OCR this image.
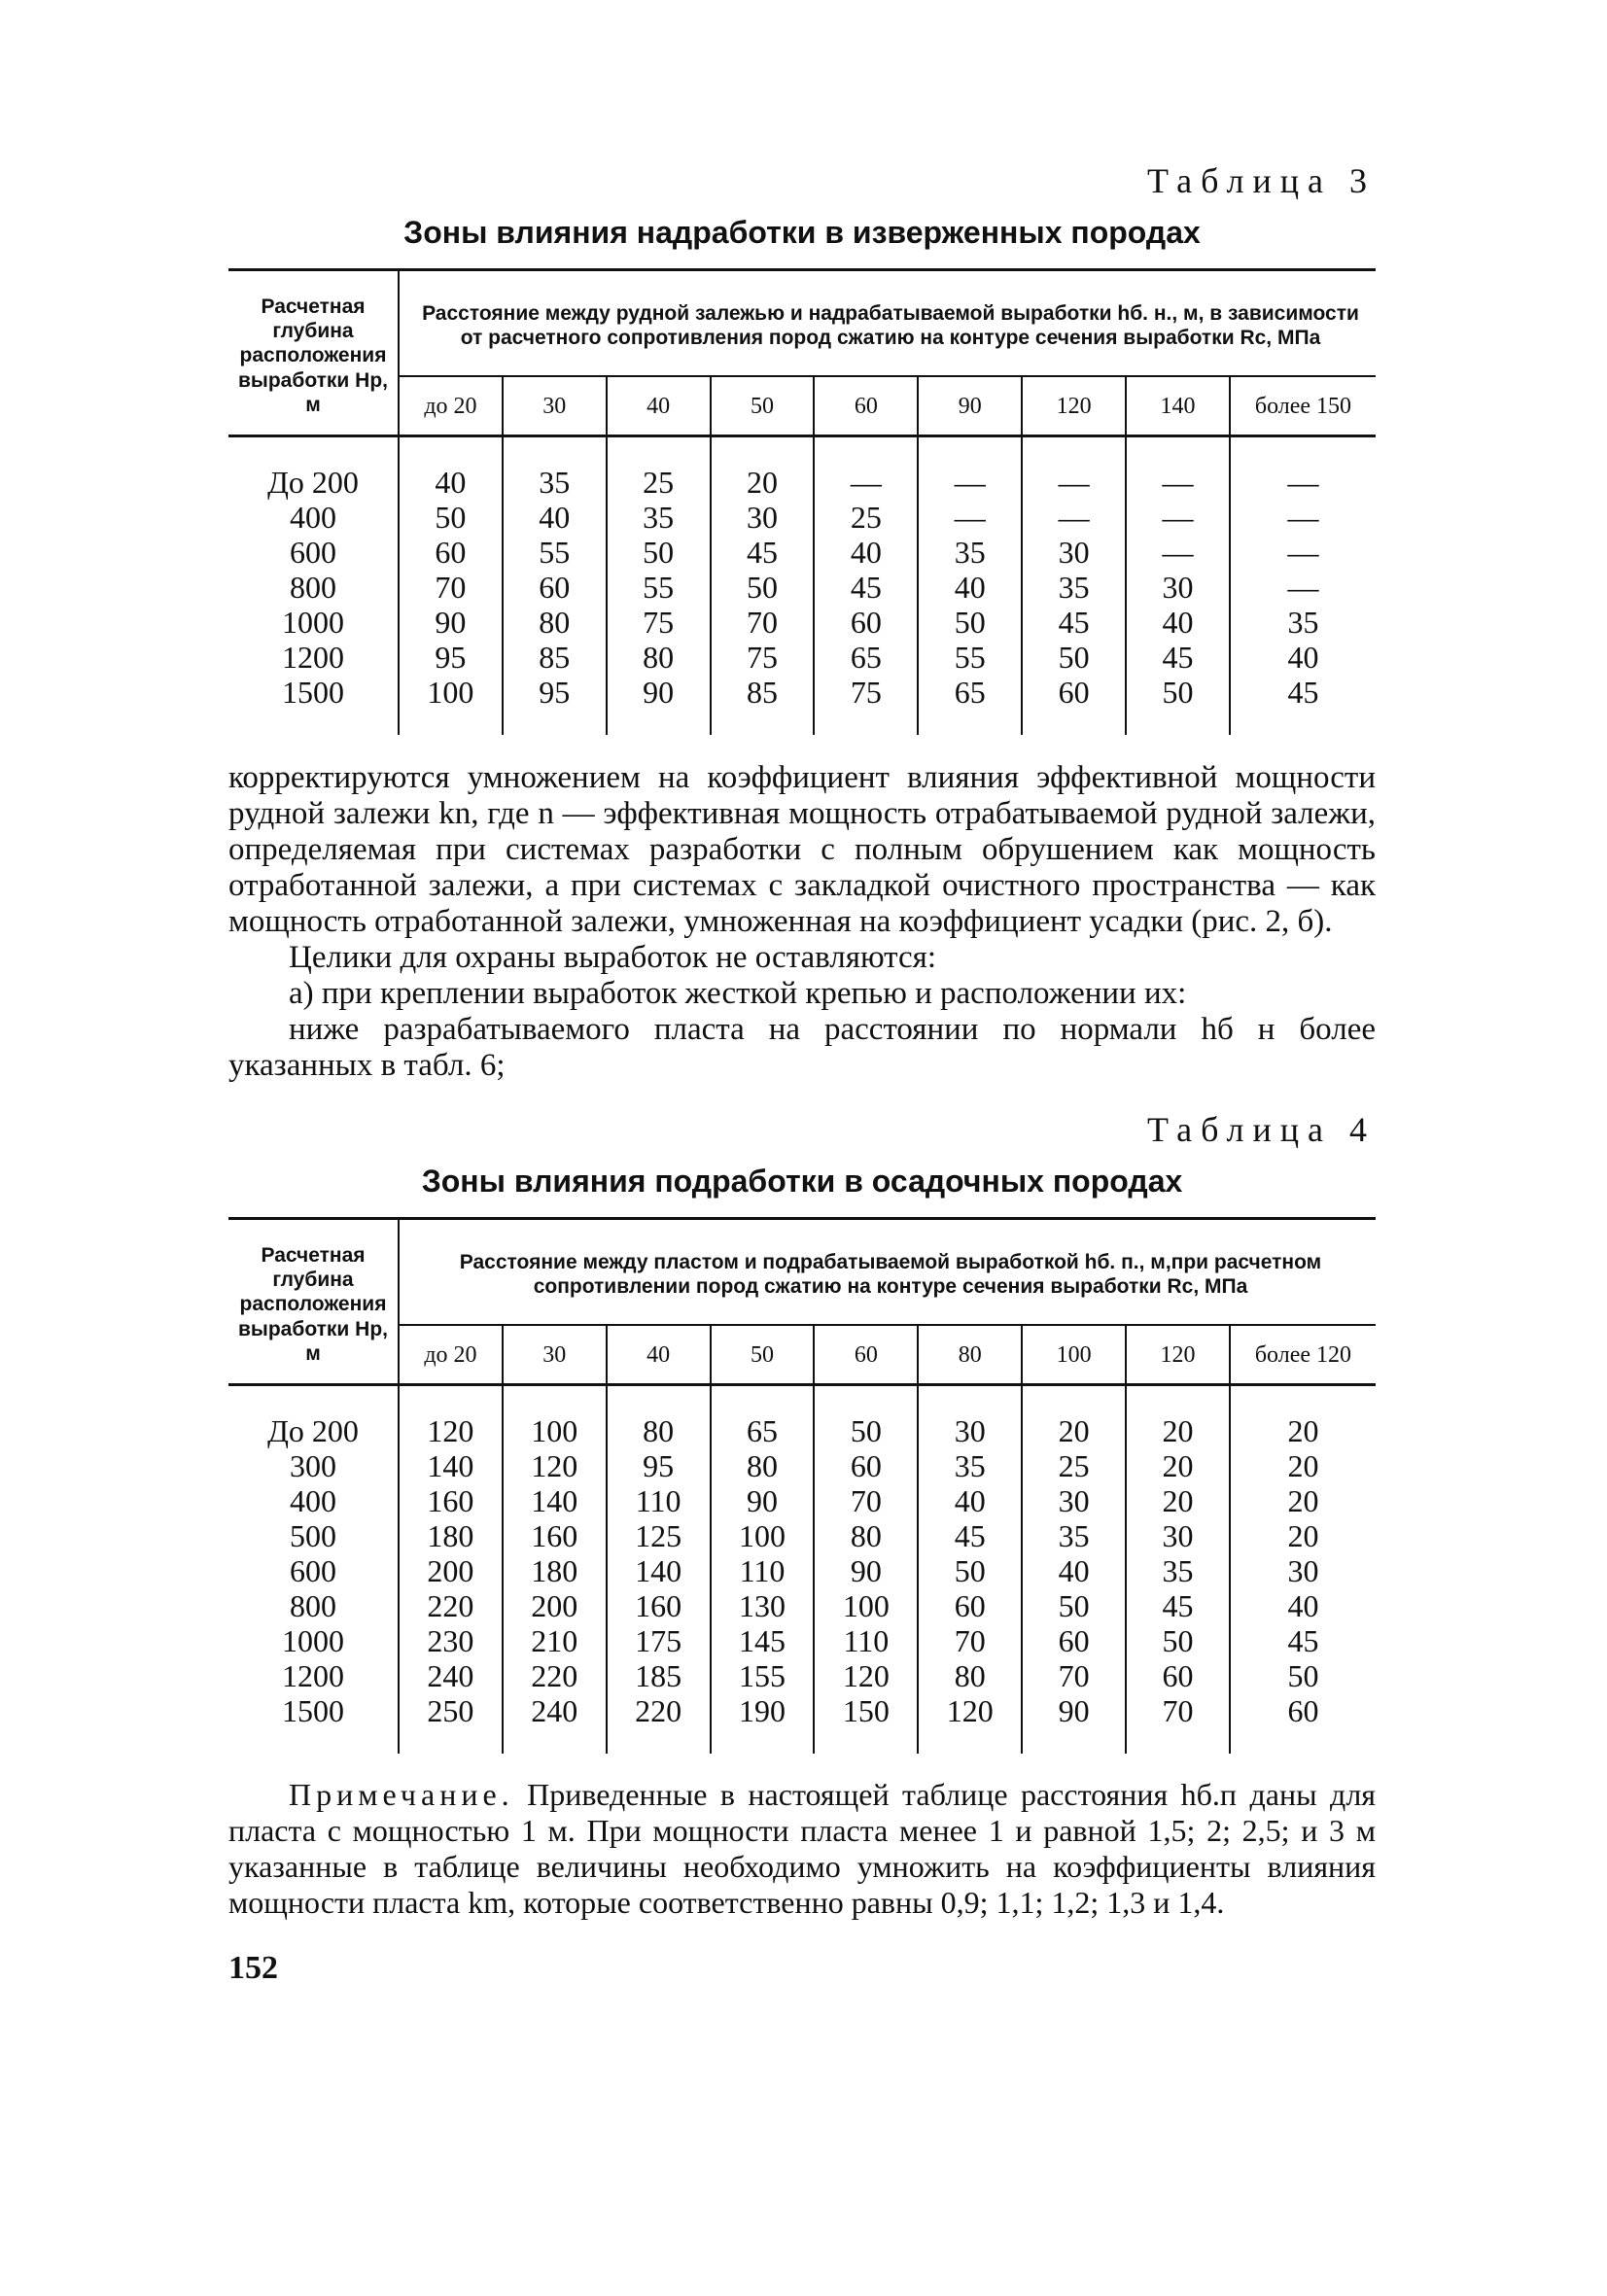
Таблица 3

Зоны влияния надработки в изверженных породах
Расчетная глубина расположения выработки Hр, м	Расстояние между рудной залежью и надрабатываемой выработки hб. н., м, в зависимости от расчетного сопротивления пород сжатию на контуре сечения выработки Rс, МПа								
	до 20	30	40	50	60	90	120	140	более 150
До 200	40	35	25	20	—	—	—	—	—
400	50	40	35	30	25	—	—	—	—
600	60	55	50	45	40	35	30	—	—
800	70	60	55	50	45	40	35	30	—
1000	90	80	75	70	60	50	45	40	35
1200	95	85	80	75	65	55	50	45	40
1500	100	95	90	85	75	65	60	50	45

корректируются умножением на коэффициент влияния эффективной мощности рудной залежи kn, где n — эффективная мощность отрабатываемой рудной залежи, определяемая при системах разработки с полным обрушением как мощность отработанной залежи, а при системах с закладкой очистного пространства — как мощность отработанной залежи, умноженная на коэффициент усадки (рис. 2, б).

Целики для охраны выработок не оставляются:

а) при креплении выработок жесткой крепью и расположении их:

ниже разрабатываемого пласта на расстоянии по нормали hб н более указанных в табл. 6;

Таблица 4

Зоны влияния подработки в осадочных породах
Расчетная глубина расположения выработки Hр, м	Расстояние между пластом и подрабатываемой выработкой hб. п., м,при расчетном сопротивлении пород сжатию на контуре сечения выработки Rс, МПа								
	до 20	30	40	50	60	80	100	120	более 120
До 200	120	100	80	65	50	30	20	20	20
300	140	120	95	80	60	35	25	20	20
400	160	140	110	90	70	40	30	20	20
500	180	160	125	100	80	45	35	30	20
600	200	180	140	110	90	50	40	35	30
800	220	200	160	130	100	60	50	45	40
1000	230	210	175	145	110	70	60	50	45
1200	240	220	185	155	120	80	70	60	50
1500	250	240	220	190	150	120	90	70	60

Примечание. Приведенные в настоящей таблице расстояния hб.п даны для пласта с мощностью 1 м. При мощности пласта менее 1 и равной 1,5; 2; 2,5; и 3 м указанные в таблице величины необходимо умножить на коэффициенты влияния мощности пласта km, которые соответственно равны 0,9; 1,1; 1,2; 1,3 и 1,4.

152
